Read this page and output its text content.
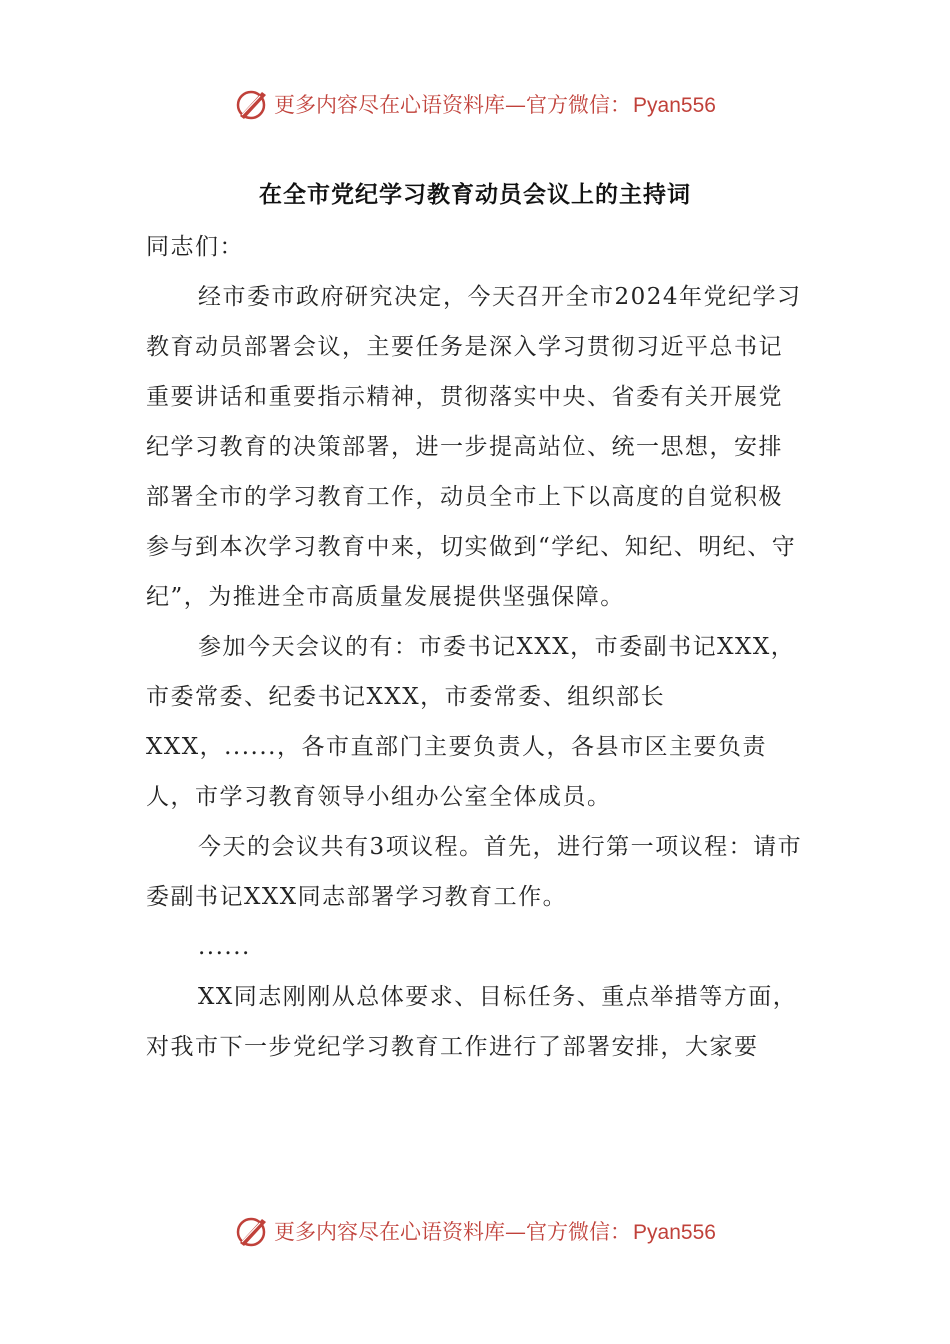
更多内容尽在心语资料库—官方微信：Pyan556
在全市党纪学习教育动员会议上的主持词

同志们：

经市委市政府研究决定，今天召开全市2024年党纪学习教育动员部署会议，主要任务是深入学习贯彻习近平总书记重要讲话和重要指示精神，贯彻落实中央、省委有关开展党纪学习教育的决策部署，进一步提高站位、统一思想，安排部署全市的学习教育工作，动员全市上下以高度的自觉积极参与到本次学习教育中来，切实做到“学纪、知纪、明纪、守纪”，为推进全市高质量发展提供坚强保障。

参加今天会议的有：市委书记XXX，市委副书记XXX，市委常委、纪委书记XXX，市委常委、组织部长XXX，......，各市直部门主要负责人，各县市区主要负责人，市学习教育领导小组办公室全体成员。

今天的会议共有3项议程。首先，进行第一项议程：请市委副书记XXX同志部署学习教育工作。

......

XX同志刚刚从总体要求、目标任务、重点举措等方面，对我市下一步党纪学习教育工作进行了部署安排，大家要

更多内容尽在心语资料库—官方微信：Pyan556
